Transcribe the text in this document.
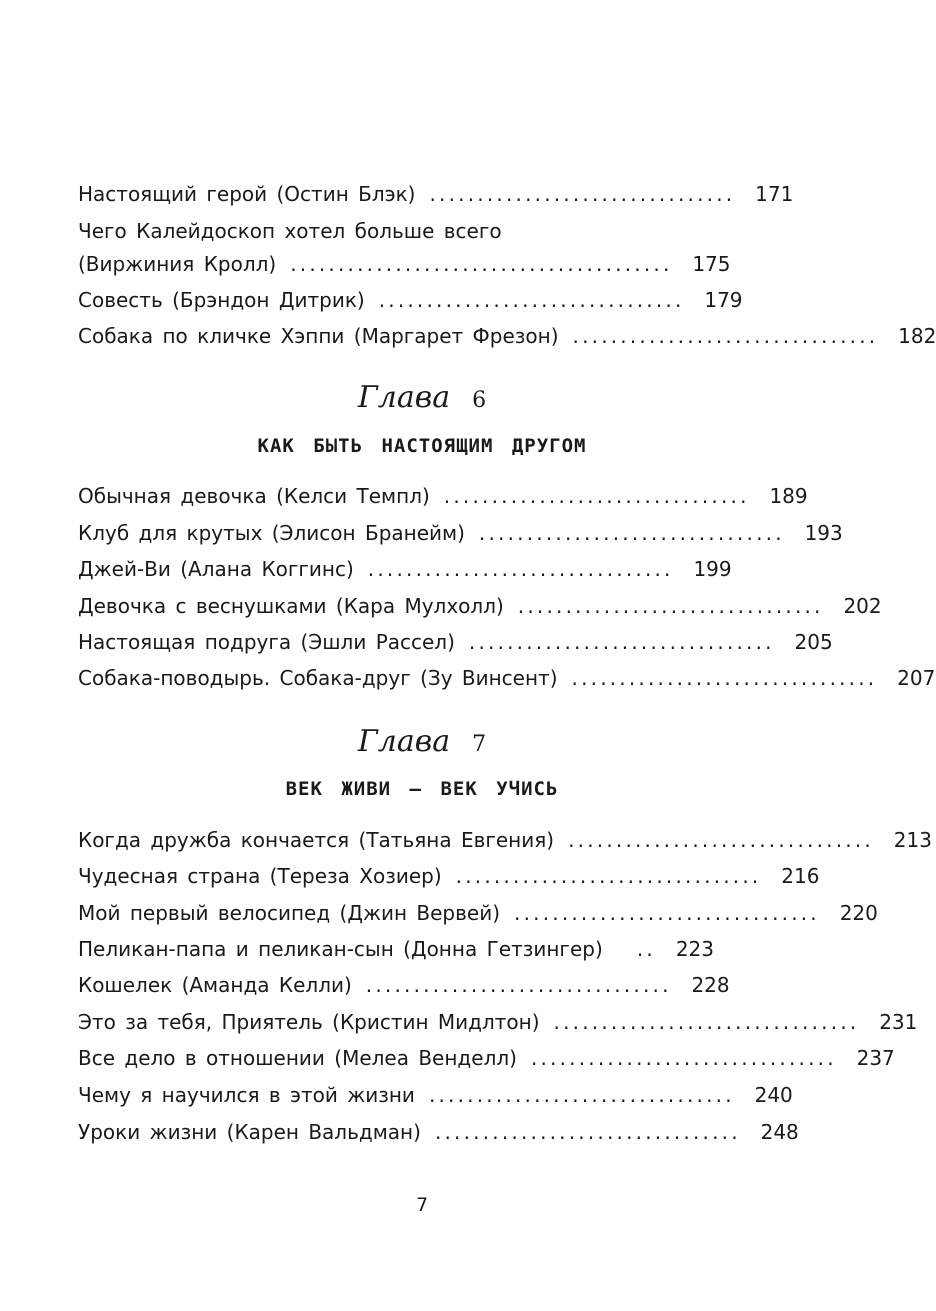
Настоящий герой (Остин Блэк) ................................ 171
Чего Калейдоскоп хотел больше всего
(Виржиния Кролл) ........................................ 175
Совесть (Брэндон Дитрик) ................................ 179
Собака по кличке Хэппи (Маргарет Фрезон) ................................ 182
Глава 6
КАК БЫТЬ НАСТОЯЩИМ ДРУГОМ
Обычная девочка (Келси Темпл) ................................ 189
Клуб для крутых (Элисон Бранейм) ................................ 193
Джей-Ви (Алана Коггинс) ................................ 199
Девочка с веснушками (Кара Мулхолл) ................................ 202
Настоящая подруга (Эшли Рассел) ................................ 205
Собака-поводырь. Собака-друг (Зу Винсент) ................................ 207
Глава 7
ВЕК ЖИВИ – ВЕК УЧИСЬ
Когда дружба кончается (Татьяна Евгения) ................................ 213
Чудесная страна (Тереза Хозиер) ................................ 216
Мой первый велосипед (Джин Вервей) ................................ 220
Пеликан-папа и пеликан-сын (Донна Гетзингер)	.. 223
Кошелек (Аманда Келли) ................................ 228
Это за тебя, Приятель (Кристин Мидлтон) ................................ 231
Все дело в отношении (Мелеа Венделл) ................................ 237
Чему я научился в этой жизни ................................ 240
Уроки жизни (Карен Вальдман) ................................ 248
7
